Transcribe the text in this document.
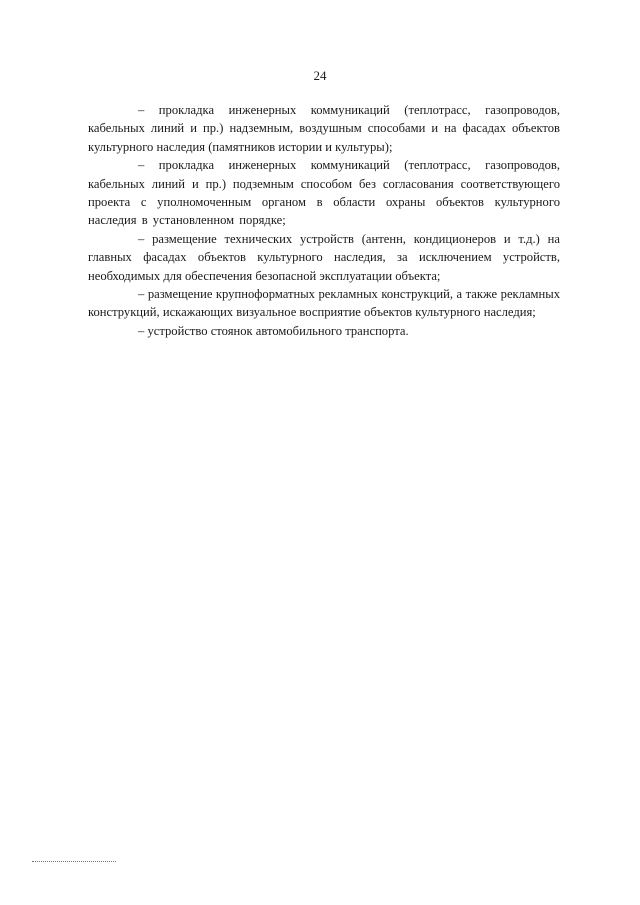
24

– прокладка инженерных коммуникаций (теплотрасс, газопроводов, кабельных линий и пр.) надземным, воздушным способами и на фасадах объектов культурного наследия (памятников истории и культуры);

– прокладка инженерных коммуникаций (теплотрасс, газопроводов, кабельных линий и пр.) подземным способом без согласования соответствующего проекта с уполномоченным органом в области охраны объектов культурного наследия в установленном порядке;

– размещение технических устройств (антенн, кондиционеров и т.д.) на главных фасадах объектов культурного наследия, за исключением устройств, необходимых для обеспечения безопасной эксплуатации объекта;

– размещение крупноформатных рекламных конструкций, а также рекламных конструкций, искажающих визуальное восприятие объектов культурного наследия;

– устройство стоянок автомобильного транспорта.
